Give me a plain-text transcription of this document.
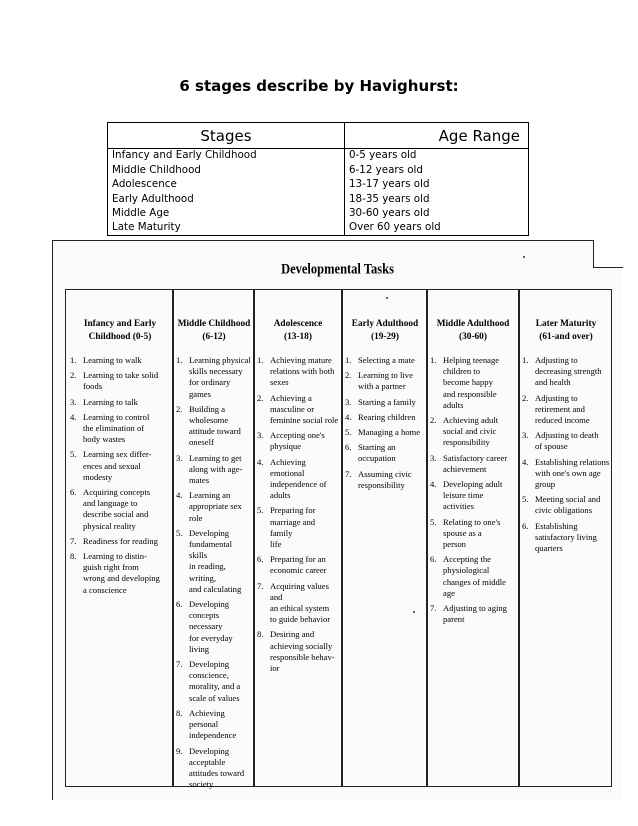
6 stages describe by Havighurst:
Stages	Age Range
Infancy and Early Childhood	0-5 years old
Middle Childhood	6-12 years old
Adolescence	13-17 years old
Early Adulthood	18-35 years old
Middle Age	30-60 years old
Late Maturity	Over 60 years old
Developmental Tasks
Infancy and Early
Childhood (0-5)
1. Learning to walk
2. Learning to take solid
foods
3. Learning to talk
4. Learning to control
the elimination of
body wastes
5. Learning sex differ-
ences and sexual
modesty
6. Acquiring concepts
and language to
describe social and
physical reality
7. Readiness for reading
8. Learning to distin-
guish right from
wrong and developing
a conscience
Middle Childhood
(6-12)
1. Learning physical
skills necessary
for ordinary
games
2. Building a
wholesome
attitude toward
oneself
3. Learning to get
along with age-
mates
4. Learning an
appropriate sex
role
5. Developing
fundamental skills
in reading, writing,
and calculating
6. Developing
concepts necessary
for everyday
living
7. Developing
conscience,
morality, and a
scale of values
8. Achieving personal
independence
9. Developing
acceptable
attitudes toward
society
Adolescence
(13-18)
1. Achieving mature
relations with both
sexes
2. Achieving a
masculine or
feminine social role
3. Accepting one's
physique
4. Achieving emotional
independence of
adults
5. Preparing for
marriage and family
life
6. Preparing for an
economic career
7. Acquiring values and
an ethical system
to guide behavior
8. Desiring and
achieving socially
responsible behav-
ior
Early Adulthood
(19-29)
1. Selecting a mate
2. Learning to live
with a partner
3. Starting a family
4. Rearing children
5. Managing a home
6. Starting an
occupation
7. Assuming civic
responsibility
Middle Adulthood
(30-60)
1. Helping teenage
children to
become happy
and responsible
adults
2. Achieving adult
social and civic
responsibility
3. Satisfactory career
achievement
4. Developing adult
leisure time
activities
5. Relating to one's
spouse as a
person
6. Accepting the
physiological
changes of middle
age
7. Adjusting to aging
parent
Later Maturity
(61-and over)
1. Adjusting to
decreasing strength
and health
2. Adjusting to
retirement and
reduced income
3. Adjusting to death
of spouse
4. Establishing relations
with one's own age
group
5. Meeting social and
civic obligations
6. Establishing
satisfactory living
quarters
